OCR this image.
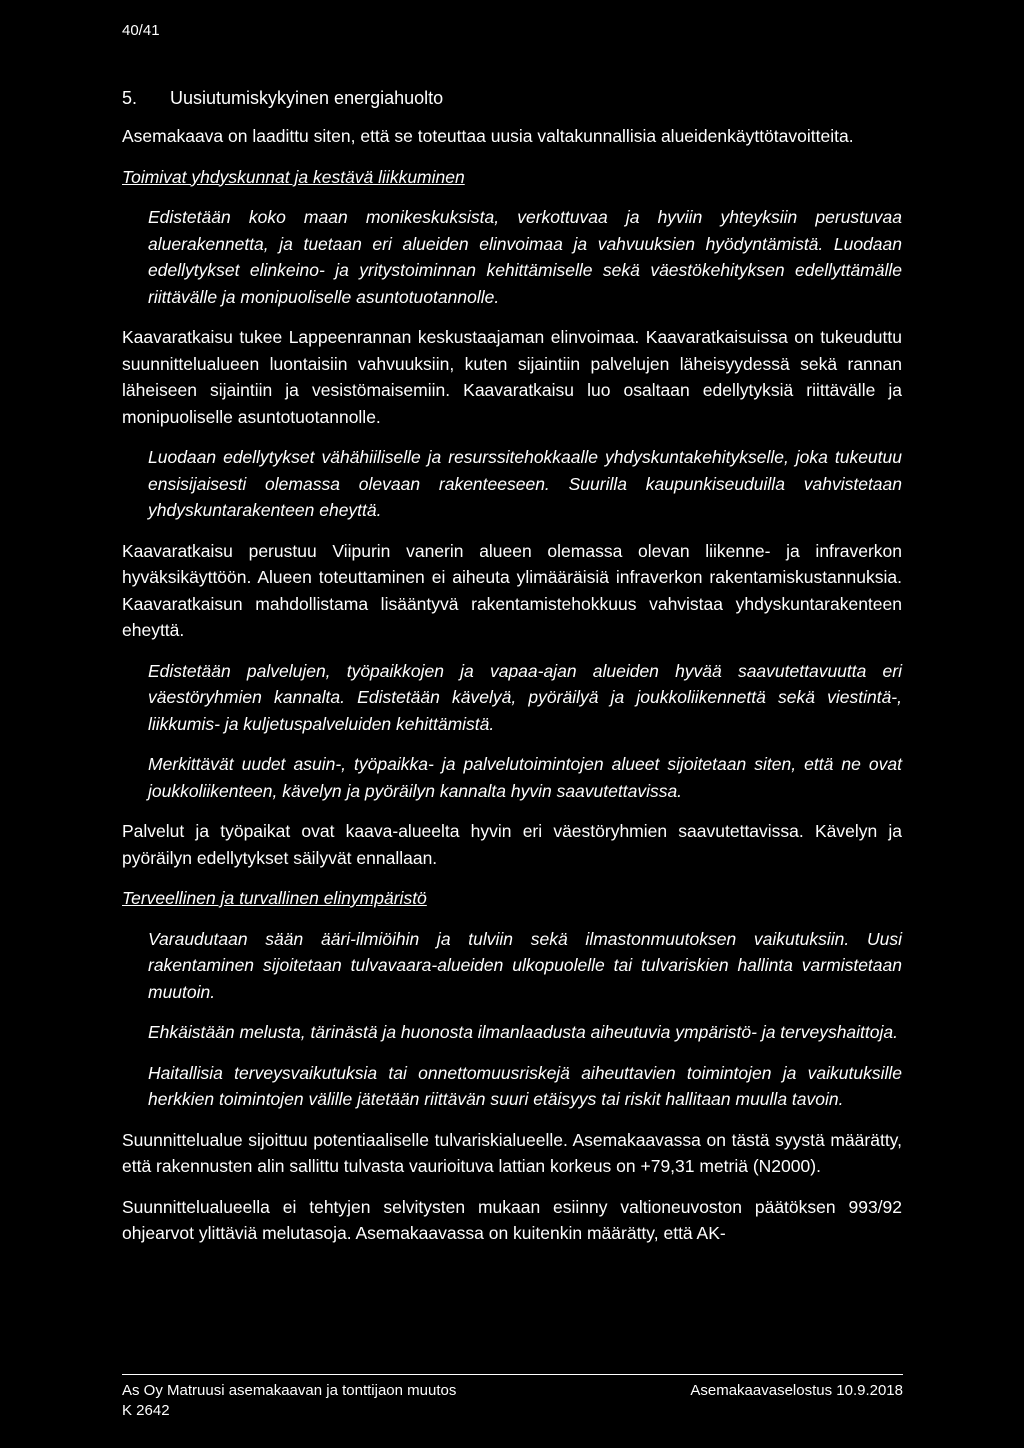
40/41
5. Uusiutumiskykyinen energiahuolto

Asemakaava on laadittu siten, että se toteuttaa uusia valtakunnallisia alueidenkäyttötavoitteita.

Toimivat yhdyskunnat ja kestävä liikkuminen

Edistetään koko maan monikeskuksista, verkottuvaa ja hyviin yhteyksiin perustuvaa aluerakennetta, ja tuetaan eri alueiden elinvoimaa ja vahvuuksien hyödyntämistä. Luodaan edellytykset elinkeino- ja yritystoiminnan kehittämiselle sekä väestökehityksen edellyttämälle riittävälle ja monipuoliselle asuntotuotannolle.

Kaavaratkaisu tukee Lappeenrannan keskustaajaman elinvoimaa. Kaavaratkaisuissa on tukeuduttu suunnittelualueen luontaisiin vahvuuksiin, kuten sijaintiin palvelujen läheisyydessä sekä rannan läheiseen sijaintiin ja vesistömaisemiin. Kaavaratkaisu luo osaltaan edellytyksiä riittävälle ja monipuoliselle asuntotuotannolle.

Luodaan edellytykset vähähiiliselle ja resurssitehokkaalle yhdyskuntakehitykselle, joka tukeutuu ensisijaisesti olemassa olevaan rakenteeseen. Suurilla kaupunkiseuduilla vahvistetaan yhdyskuntarakenteen eheyttä.

Kaavaratkaisu perustuu Viipurin vanerin alueen olemassa olevan liikenne- ja infraverkon hyväksikäyttöön. Alueen toteuttaminen ei aiheuta ylimääräisiä infraverkon rakentamiskustannuksia. Kaavaratkaisun mahdollistama lisääntyvä rakentamistehokkuus vahvistaa yhdyskuntarakenteen eheyttä.

Edistetään palvelujen, työpaikkojen ja vapaa-ajan alueiden hyvää saavutettavuutta eri väestöryhmien kannalta. Edistetään kävelyä, pyöräilyä ja joukkoliikennettä sekä viestintä-, liikkumis- ja kuljetuspalveluiden kehittämistä.

Merkittävät uudet asuin-, työpaikka- ja palvelutoimintojen alueet sijoitetaan siten, että ne ovat joukkoliikenteen, kävelyn ja pyöräilyn kannalta hyvin saavutettavissa.

Palvelut ja työpaikat ovat kaava-alueelta hyvin eri väestöryhmien saavutettavissa. Kävelyn ja pyöräilyn edellytykset säilyvät ennallaan.

Terveellinen ja turvallinen elinympäristö

Varaudutaan sään ääri-ilmiöihin ja tulviin sekä ilmastonmuutoksen vaikutuksiin. Uusi rakentaminen sijoitetaan tulvavaara-alueiden ulkopuolelle tai tulvariskien hallinta varmistetaan muutoin.

Ehkäistään melusta, tärinästä ja huonosta ilmanlaadusta aiheutuvia ympäristö- ja terveyshaittoja.

Haitallisia terveysvaikutuksia tai onnettomuusriskejä aiheuttavien toimintojen ja vaikutuksille herkkien toimintojen välille jätetään riittävän suuri etäisyys tai riskit hallitaan muulla tavoin.

Suunnittelualue sijoittuu potentiaaliselle tulvariskialueelle. Asemakaavassa on tästä syystä määrätty, että rakennusten alin sallittu tulvasta vaurioituva lattian korkeus on +79,31 metriä (N2000).

Suunnittelualueella ei tehtyjen selvitysten mukaan esiinny valtioneuvoston päätöksen 993/92 ohjearvot ylittäviä melutasoja. Asemakaavassa on kuitenkin määrätty, että AK-

As Oy Matruusi asemakaavan ja tonttijaon muutos	Asemakaavaselostus 10.9.2018
K 2642
